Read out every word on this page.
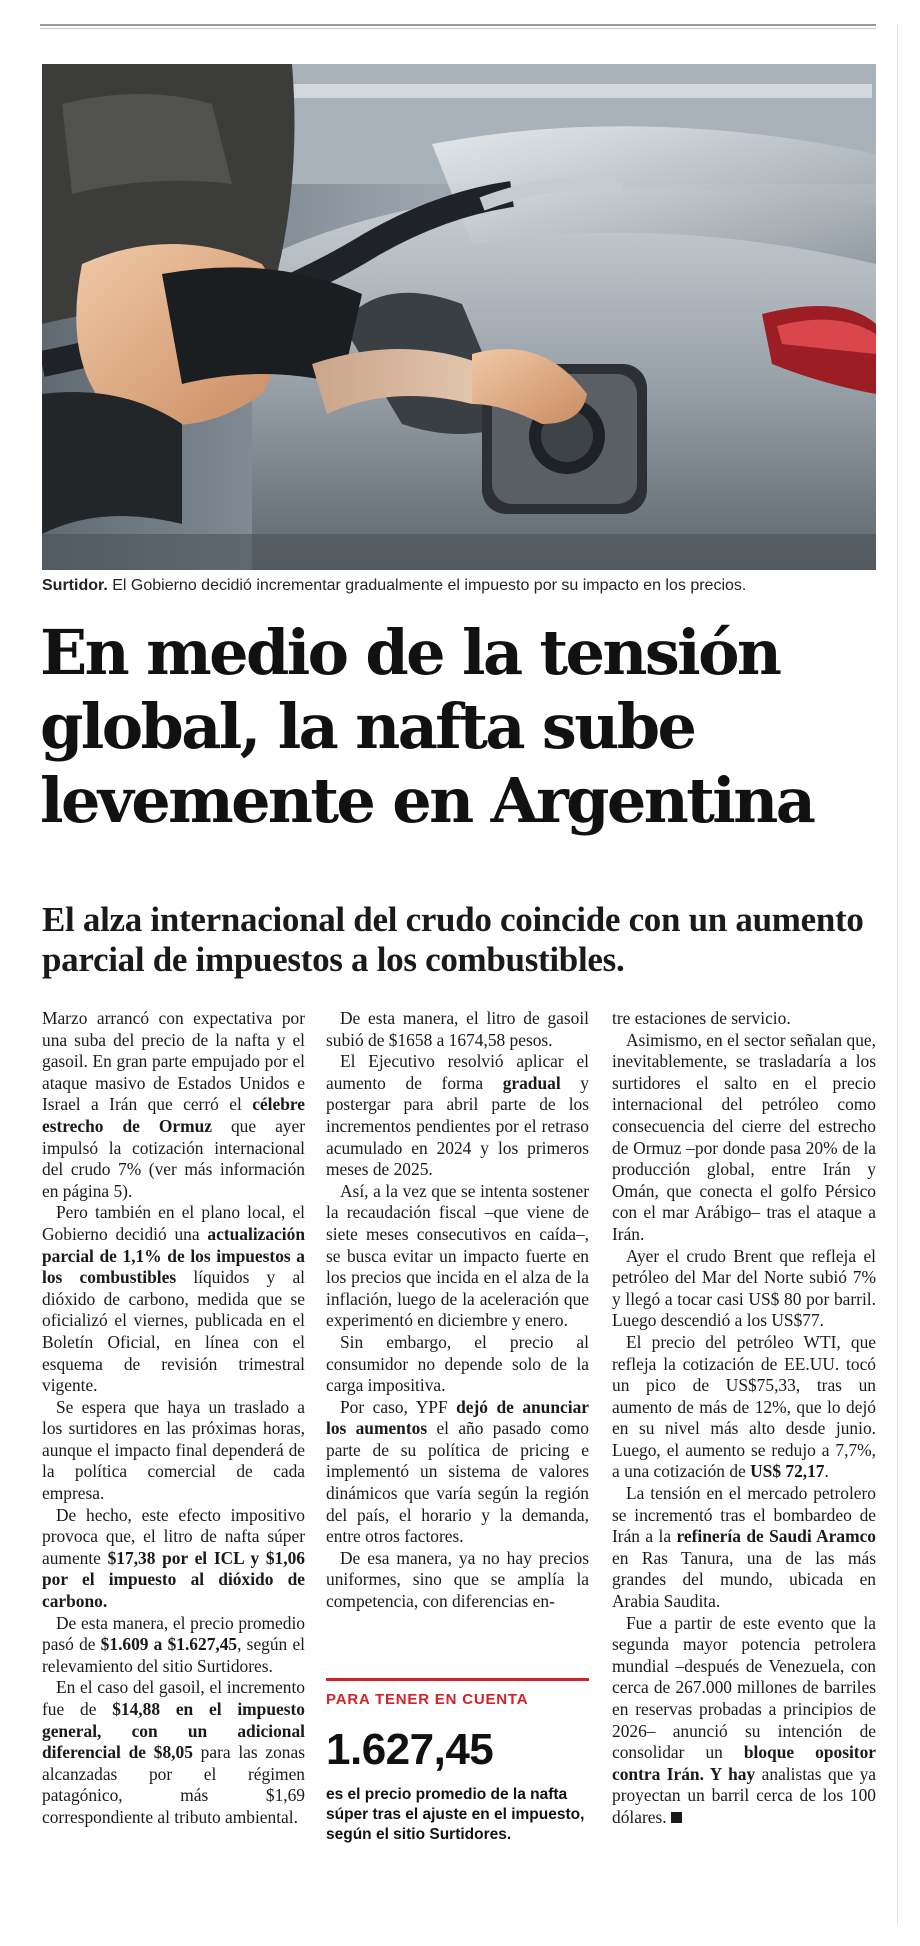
Surtidor. El Gobierno decidió incrementar gradualmente el impuesto por su impacto en los precios.
En medio de la tensión
global, la nafta sube
levemente en Argentina
El alza internacional del crudo coincide con un aumento
parcial de impuestos a los combustibles.

Marzo arrancó con expectativa por una suba del precio de la nafta y el gasoil. En gran parte empujado por el ataque masivo de Estados Unidos e Israel a Irán que cerró el célebre estrecho de Ormuz que ayer impulsó la cotización internacional del crudo 7% (ver más información en página 5).

Pero también en el plano local, el Gobierno decidió una actualización parcial de 1,1% de los impuestos a los combustibles líquidos y al dióxido de carbono, medida que se oficializó el viernes, publicada en el Boletín Oficial, en línea con el esquema de revisión trimestral vigente.

Se espera que haya un traslado a los surtidores en las próximas horas, aunque el impacto final dependerá de la política comercial de cada empresa.

De hecho, este efecto impositivo provoca que, el litro de nafta súper aumente $17,38 por el ICL y $1,06 por el impuesto al dióxido de carbono.

De esta manera, el precio promedio pasó de $1.609 a $1.627,45, según el relevamiento del sitio Surtidores.

En el caso del gasoil, el incremento fue de $14,88 en el impuesto general, con un adicional diferencial de $8,05 para las zonas alcanzadas por el régimen patagónico, más $1,69 correspondiente al tributo ambiental.

De esta manera, el litro de gasoil subió de $1658 a 1674,58 pesos.

El Ejecutivo resolvió aplicar el aumento de forma gradual y postergar para abril parte de los incrementos pendientes por el retraso acumulado en 2024 y los primeros meses de 2025.

Así, a la vez que se intenta sostener la recaudación fiscal –que viene de siete meses consecutivos en caída–, se busca evitar un impacto fuerte en los precios que incida en el alza de la inflación, luego de la aceleración que experimentó en diciembre y enero.

Sin embargo, el precio al consumidor no depende solo de la carga impositiva.

Por caso, YPF dejó de anunciar los aumentos el año pasado como parte de su política de pricing e implementó un sistema de valores dinámicos que varía según la región del país, el horario y la demanda, entre otros factores.

De esa manera, ya no hay precios uniformes, sino que se amplía la competencia, con diferencias en-

PARA TENER EN CUENTA
1.627,45
es el precio promedio de la nafta súper tras el ajuste en el impuesto, según el sitio Surtidores.

tre estaciones de servicio.

Asimismo, en el sector señalan que, inevitablemente, se trasladaría a los surtidores el salto en el precio internacional del petróleo como consecuencia del cierre del estrecho de Ormuz –por donde pasa 20% de la producción global, entre Irán y Omán, que conecta el golfo Pérsico con el mar Arábigo– tras el ataque a Irán.

Ayer el crudo Brent que refleja el petróleo del Mar del Norte subió 7% y llegó a tocar casi US$ 80 por barril. Luego descendió a los US$77.

El precio del petróleo WTI, que refleja la cotización de EE.UU. tocó un pico de US$75,33, tras un aumento de más de 12%, que lo dejó en su nivel más alto desde junio. Luego, el aumento se redujo a 7,7%, a una cotización de US$ 72,17.

La tensión en el mercado petrolero se incrementó tras el bombardeo de Irán a la refinería de Saudi Aramco en Ras Tanura, una de las más grandes del mundo, ubicada en Arabia Saudita.

Fue a partir de este evento que la segunda mayor potencia petrolera mundial –después de Venezuela, con cerca de 267.000 millones de barriles en reservas probadas a principios de 2026– anunció su intención de consolidar un bloque opositor contra Irán. Y hay analistas que ya proyectan un barril cerca de los 100 dólares.
